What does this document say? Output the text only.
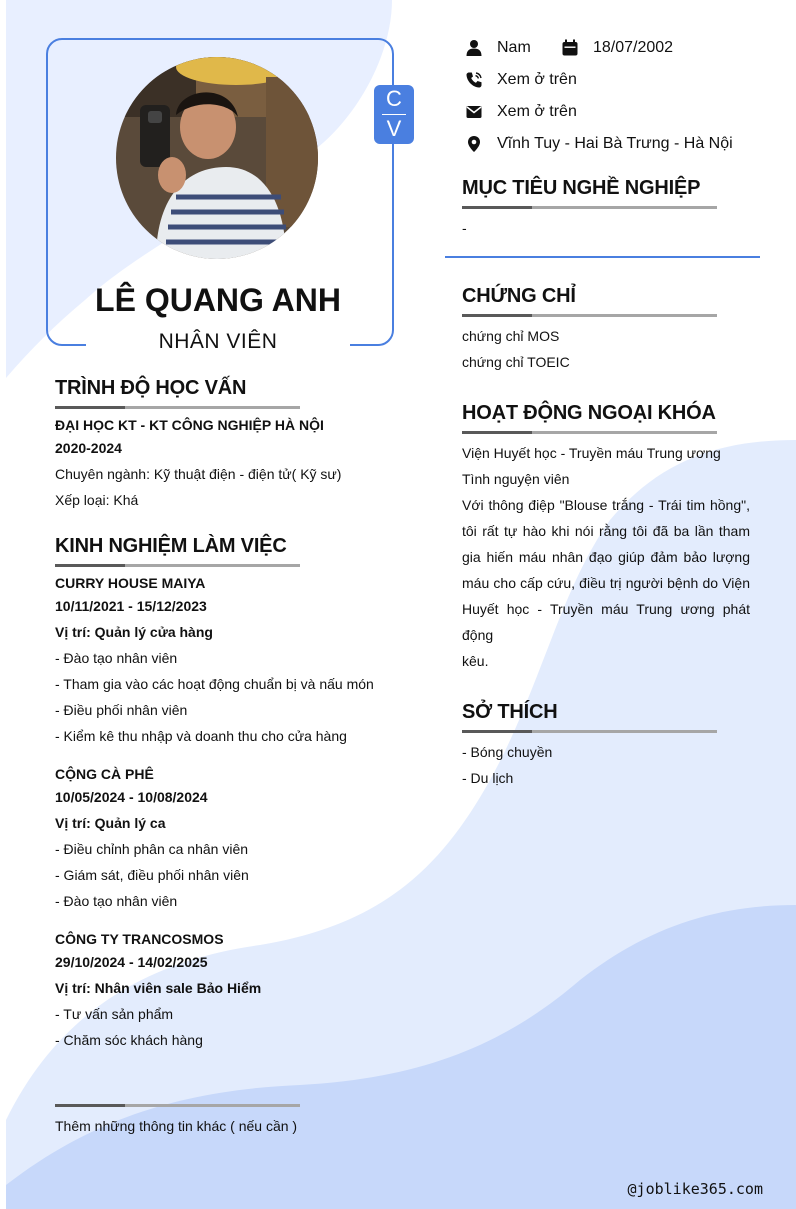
C
V
LÊ QUANG ANH
NHÂN VIÊN
Nam	18/07/2002
Xem ở trên
Xem ở trên
Vĩnh Tuy - Hai Bà Trưng - Hà Nội
TRÌNH ĐỘ HỌC VẤN
ĐẠI HỌC KT - KT CÔNG NGHIỆP HÀ NỘI
2020-2024
Chuyên ngành: Kỹ thuật điện - điện tử( Kỹ sư)
Xếp loại: Khá
KINH NGHIỆM LÀM VIỆC
CURRY HOUSE MAIYA
10/11/2021 - 15/12/2023
Vị trí: Quản lý cửa hàng
- Đào tạo nhân viên
- Tham gia vào các hoạt động chuẩn bị và nấu món
- Điều phối nhân viên
- Kiểm kê thu nhập và doanh thu cho cửa hàng
CỘNG CÀ PHÊ
10/05/2024 - 10/08/2024
Vị trí: Quản lý ca
- Điều chỉnh phân ca nhân viên
- Giám sát, điều phối nhân viên
- Đào tạo nhân viên
CÔNG TY TRANCOSMOS
29/10/2024 - 14/02/2025
Vị trí: Nhân viên sale Bảo Hiểm
- Tư vấn sản phẩm
- Chăm sóc khách hàng
Thêm những thông tin khác ( nếu cần )
MỤC TIÊU NGHỀ NGHIỆP
-
CHỨNG CHỈ
chứng chỉ MOS
chứng chỉ TOEIC
HOẠT ĐỘNG NGOẠI KHÓA
Viện Huyết học - Truyền máu Trung ương
Tình nguyện viên
Với thông điệp "Blouse trắng - Trái tim hồng",
tôi rất tự hào khi nói rằng tôi đã ba lần tham
gia hiến máu nhân đạo giúp đảm bảo lượng
máu cho cấp cứu, điều trị người bệnh do Viện
Huyết học - Truyền máu Trung ương phát động
kêu.
SỞ THÍCH
- Bóng chuyền
- Du lịch
@joblike365.com
